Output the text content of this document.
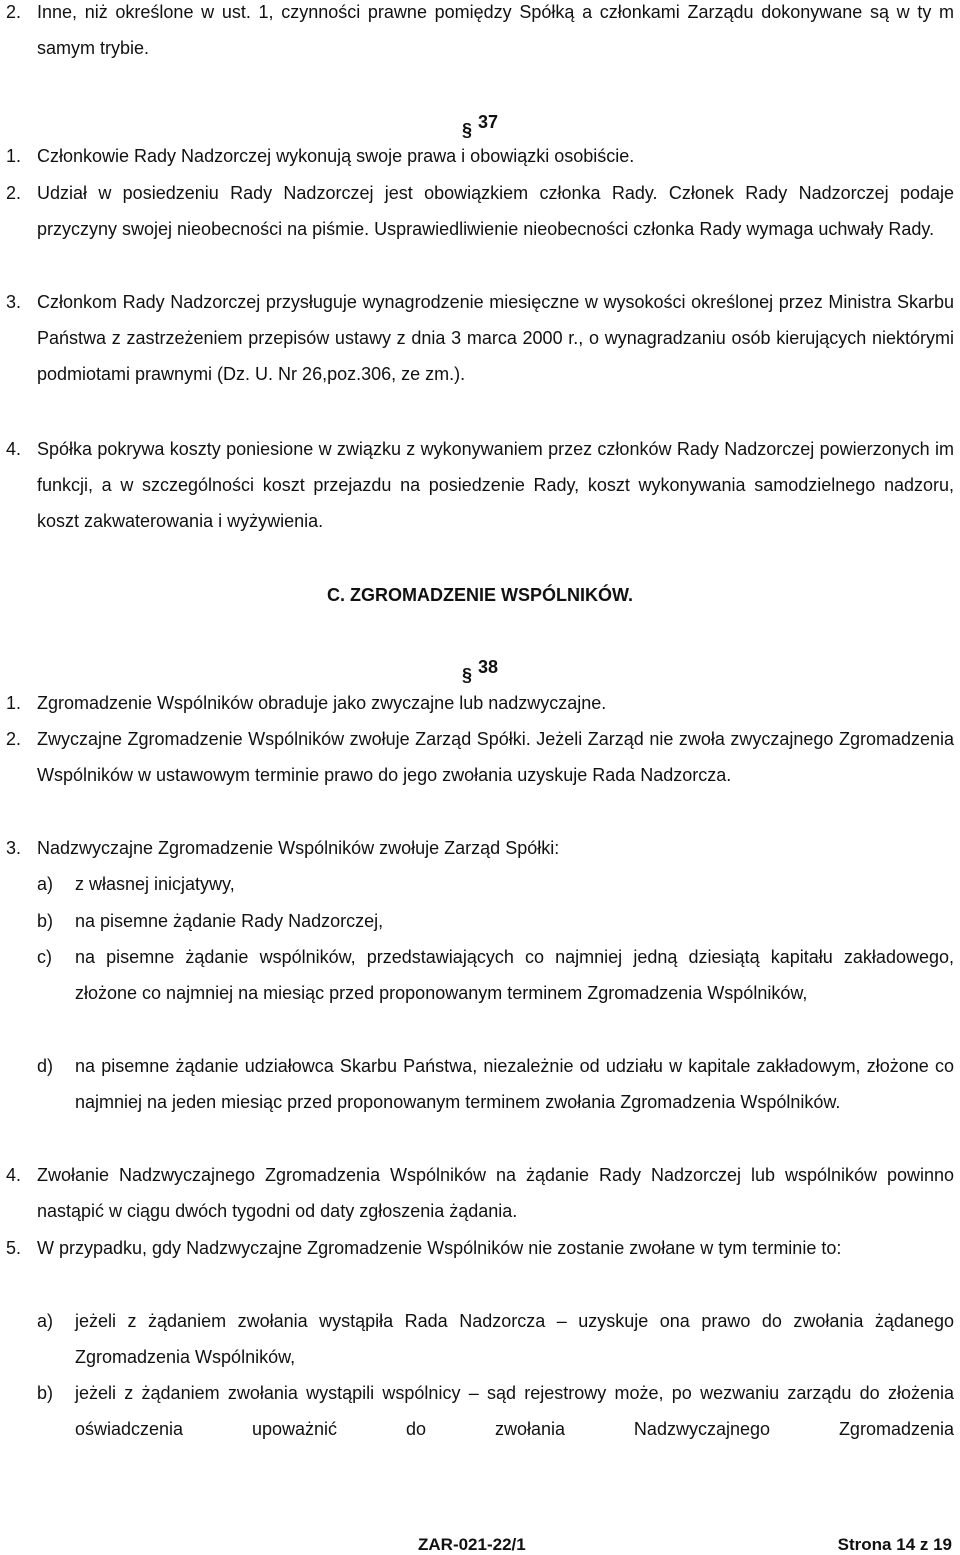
2. Inne, niż określone w ust. 1, czynności prawne pomiędzy Spółką a członkami Zarządu dokonywane są w ty m samym trybie.
§ 37
1. Członkowie Rady Nadzorczej wykonują swoje prawa i obowiązki osobiście.
2. Udział w posiedzeniu Rady Nadzorczej jest obowiązkiem członka Rady. Członek Rady Nadzorczej podaje przyczyny swojej nieobecności na piśmie. Usprawiedliwienie nieobecności członka Rady wymaga uchwały Rady.
3. Członkom Rady Nadzorczej przysługuje wynagrodzenie miesięczne w wysokości określonej przez Ministra Skarbu Państwa z zastrzeżeniem przepisów ustawy z dnia 3 marca 2000 r., o wynagradzaniu osób kierujących niektórymi podmiotami prawnymi (Dz. U. Nr 26,poz.306, ze zm.).
4. Spółka pokrywa koszty poniesione w związku z wykonywaniem przez członków Rady Nadzorczej powierzonych im funkcji, a w szczególności koszt przejazdu na posiedzenie Rady, koszt wykonywania samodzielnego nadzoru, koszt zakwaterowania i wyżywienia.
C. ZGROMADZENIE WSPÓLNIKÓW.
§ 38
1. Zgromadzenie Wspólników obraduje jako zwyczajne lub nadzwyczajne.
2. Zwyczajne Zgromadzenie Wspólników zwołuje Zarząd Spółki. Jeżeli Zarząd nie zwoła zwyczajnego Zgromadzenia Wspólników w ustawowym terminie prawo do jego zwołania uzyskuje Rada Nadzorcza.
3. Nadzwyczajne Zgromadzenie Wspólników zwołuje Zarząd Spółki:
a) z własnej inicjatywy,
b) na pisemne żądanie Rady Nadzorczej,
c) na pisemne żądanie wspólników, przedstawiających co najmniej jedną dziesiątą kapitału zakładowego, złożone co najmniej na miesiąc przed proponowanym terminem Zgromadzenia Wspólników,
d) na pisemne żądanie udziałowca Skarbu Państwa, niezależnie od udziału w kapitale zakładowym, złożone co najmniej na jeden miesiąc przed proponowanym terminem zwołania Zgromadzenia Wspólników.
4. Zwołanie Nadzwyczajnego Zgromadzenia Wspólników na żądanie Rady Nadzorczej lub wspólników powinno nastąpić w ciągu dwóch tygodni od daty zgłoszenia żądania.
5. W przypadku, gdy Nadzwyczajne Zgromadzenie Wspólników nie zostanie zwołane w tym terminie to:
a) jeżeli z żądaniem zwołania wystąpiła Rada Nadzorcza – uzyskuje ona prawo do zwołania żądanego Zgromadzenia Wspólników,
b) jeżeli z żądaniem zwołania wystąpili wspólnicy – sąd rejestrowy może, po wezwaniu zarządu do złożenia oświadczenia upoważnić do zwołania Nadzwyczajnego Zgromadzenia
ZAR-021-22/1	Strona 14 z 19
